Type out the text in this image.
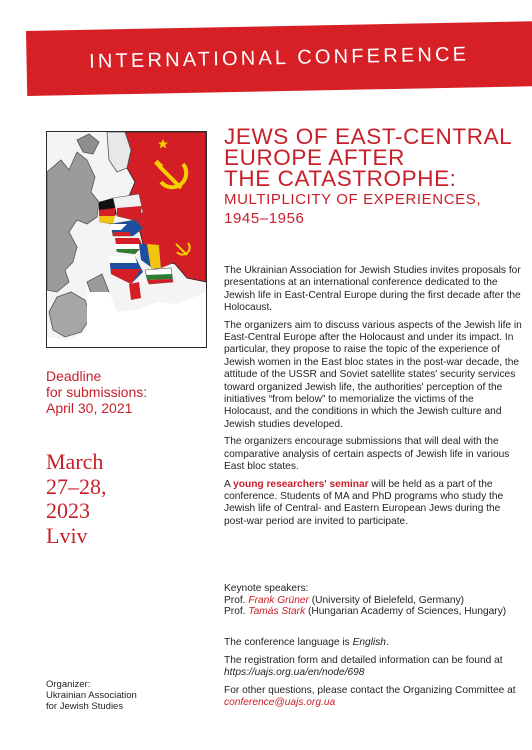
INTERNATIONAL CONFERENCE
JEWS OF EAST-CENTRAL
EUROPE AFTER
THE CATASTROPHE:
MULTIPLICITY OF EXPERIENCES,
1945–1956

The Ukrainian Association for Jewish Studies invites proposals for presentations at an international conference dedicated to the Jewish life in East-Central Europe during the first decade after the Holocaust.

The organizers aim to discuss various aspects of the Jewish life in East-Central Europe after the Holocaust and under its impact. In particular, they propose to raise the topic of the experience of Jewish women in the East bloc states in the post-war decade, the attitude of the USSR and Soviet satellite states' security services toward organized Jewish life, the authorities' perception of the initiatives “from below” to memorialize the victims of the Holocaust, and the conditions in which the Jewish culture and Jewish studies developed.

The organizers encourage submissions that will deal with the comparative analysis of certain aspects of Jewish life in various East bloc states.

A young researchers' seminar will be held as a part of the conference. Students of MA and PhD programs who study the Jewish life of Central- and Eastern European Jews during the post-war period are invited to participate.

Deadline
for submissions:
April 30, 2021
March
27–28,
2023
Lviv
Keynote speakers:
Prof. Frank Grüner (University of Bielefeld, Germany)
Prof. Tamás Stark (Hungarian Academy of Sciences, Hungary)

The conference language is English.

The registration form and detailed information can be found at https://uajs.org.ua/en/node/698

For other questions, please contact the Organizing Committee at conference@uajs.org.ua

Organizer:
Ukrainian Association
for Jewish Studies
